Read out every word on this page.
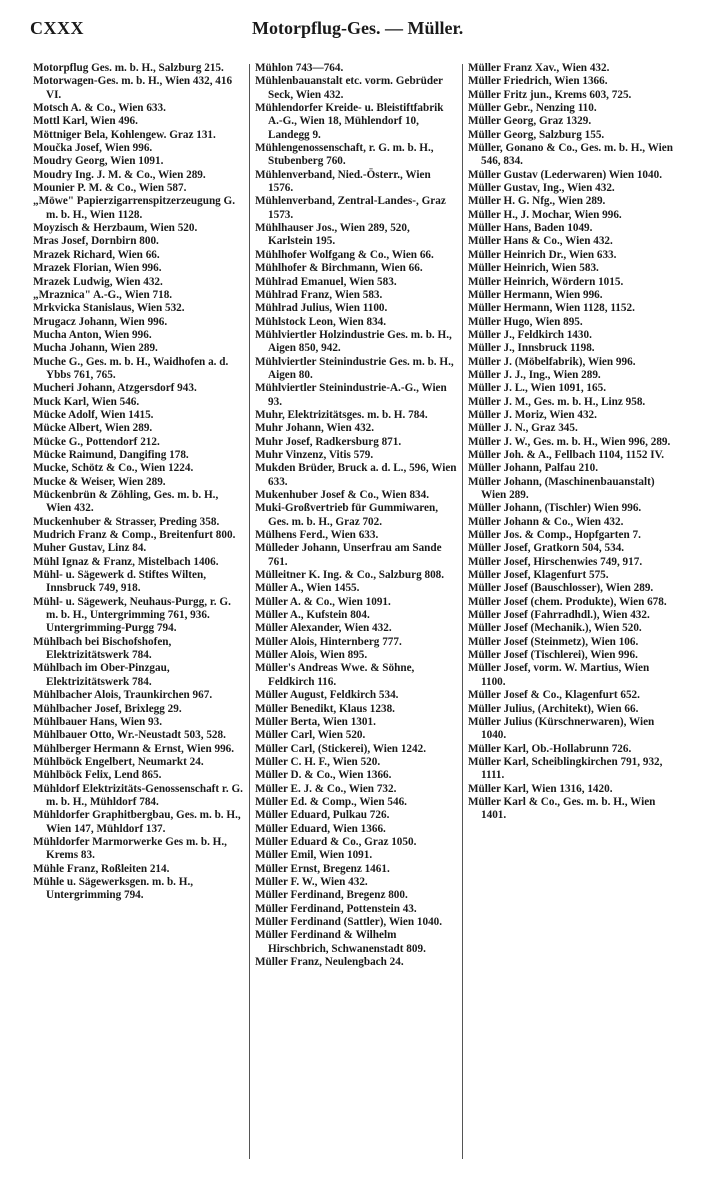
CXXX	Motorpflug-Ges. — Müller.
Motorpflug Ges. m. b. H., Salzburg 215.
Motorwagen-Ges. m. b. H., Wien 432, 416 VI.
Motsch A. & Co., Wien 633.
Mottl Karl, Wien 496.
Möttniger Bela, Kohlengew. Graz 131.
Moučka Josef, Wien 996.
Moudry Georg, Wien 1091.
Moudry Ing. J. M. & Co., Wien 289.
Mounier P. M. & Co., Wien 587.
„Möwe" Papierzigarrenspitzerzeugung G. m. b. H., Wien 1128.
Moyzisch & Herzbaum, Wien 520.
Mras Josef, Dornbirn 800.
Mrazek Richard, Wien 66.
Mrazek Florian, Wien 996.
Mrazek Ludwig, Wien 432.
„Mraznica" A.-G., Wien 718.
Mrkvicka Stanislaus, Wien 532.
Mrugacz Johann, Wien 996.
Mucha Anton, Wien 996.
Mucha Johann, Wien 289.
Muche G., Ges. m. b. H., Waidhofen a. d. Ybbs 761, 765.
Mucheri Johann, Atzgersdorf 943.
Muck Karl, Wien 546.
Mücke Adolf, Wien 1415.
Mücke Albert, Wien 289.
Mücke G., Pottendorf 212.
Mücke Raimund, Dangifing 178.
Mucke, Schötz & Co., Wien 1224.
Mucke & Weiser, Wien 289.
Mückenbrün & Zöhling, Ges. m. b. H., Wien 432.
Muckenhuber & Strasser, Preding 358.
Mudrich Franz & Comp., Breitenfurt 800.
Muher Gustav, Linz 84.
Mühl Ignaz & Franz, Mistelbach 1406.
Mühl- u. Sägewerk d. Stiftes Wilten, Innsbruck 749, 918.
Mühl- u. Sägewerk, Neuhaus-Purgg, r. G. m. b. H., Untergrimming 761, 936. Untergrimming-Purgg 794.
Mühlbach bei Bischofshofen, Elektrizitätswerk 784.
Mühlbach im Ober-Pinzgau, Elektrizitätswerk 784.
Mühlbacher Alois, Traunkirchen 967.
Mühlbacher Josef, Brixlegg 29.
Mühlbauer Hans, Wien 93.
Mühlbauer Otto, Wr.-Neustadt 503, 528.
Mühlberger Hermann & Ernst, Wien 996.
Mühlböck Engelbert, Neumarkt 24.
Mühlböck Felix, Lend 865.
Mühldorf Elektrizitäts-Genossenschaft r. G. m. b. H., Mühldorf 784.
Mühldorfer Graphitbergbau, Ges. m. b. H., Wien 147, Mühldorf 137.
Mühldorfer Marmorwerke Ges m. b. H., Krems 83.
Mühle Franz, Roßleiten 214.
Mühle u. Sägewerksgen. m. b. H., Untergrimming 794.
Mühlon 743—764.
Mühlenbauanstalt etc. vorm. Gebrüder Seck, Wien 432.
Mühlendorfer Kreide- u. Bleistiftfabrik A.-G., Wien 18, Mühlendorf 10, Landegg 9.
Mühlengenossenschaft, r. G. m. b. H., Stubenberg 760.
Mühlenverband, Nied.-Österr., Wien 1576.
Mühlenverband, Zentral-Landes-, Graz 1573.
Mühlhauser Jos., Wien 289, 520, Karlstein 195.
Mühlhofer Wolfgang & Co., Wien 66.
Mühlhofer & Birchmann, Wien 66.
Mühlrad Emanuel, Wien 583.
Mühlrad Franz, Wien 583.
Mühlrad Julius, Wien 1100.
Mühlstock Leon, Wien 834.
Mühlviertler Holzindustrie Ges. m. b. H., Aigen 850, 942.
Mühlviertler Steinindustrie Ges. m. b. H., Aigen 80.
Mühlviertler Steinindustrie-A.-G., Wien 93.
Muhr, Elektrizitätsges. m. b. H. 784.
Muhr Johann, Wien 432.
Muhr Josef, Radkersburg 871.
Muhr Vinzenz, Vitis 579.
Mukden Brüder, Bruck a. d. L., 596, Wien 633.
Mukenhuber Josef & Co., Wien 834.
Muki-Großvertrieb für Gummiwaren, Ges. m. b. H., Graz 702.
Mülhens Ferd., Wien 633.
Mülleder Johann, Unserfrau am Sande 761.
Mülleitner K. Ing. & Co., Salzburg 808.
Müller A., Wien 1455.
Müller A. & Co., Wien 1091.
Müller A., Kufstein 804.
Müller Alexander, Wien 432.
Müller Alois, Hinternberg 777.
Müller Alois, Wien 895.
Müller's Andreas Wwe. & Söhne, Feldkirch 116.
Müller August, Feldkirch 534.
Müller Benedikt, Klaus 1238.
Müller Berta, Wien 1301.
Müller Carl, Wien 520.
Müller Carl, (Stickerei), Wien 1242.
Müller C. H. F., Wien 520.
Müller D. & Co., Wien 1366.
Müller E. J. & Co., Wien 732.
Müller Ed. & Comp., Wien 546.
Müller Eduard, Pulkau 726.
Müller Eduard, Wien 1366.
Müller Eduard & Co., Graz 1050.
Müller Emil, Wien 1091.
Müller Ernst, Bregenz 1461.
Müller F. W., Wien 432.
Müller Ferdinand, Bregenz 800.
Müller Ferdinand, Pottenstein 43.
Müller Ferdinand (Sattler), Wien 1040.
Müller Ferdinand & Wilhelm Hirschbrich, Schwanenstadt 809.
Müller Franz, Neulengbach 24.
Müller Franz Xav., Wien 432.
Müller Friedrich, Wien 1366.
Müller Fritz jun., Krems 603, 725.
Müller Gebr., Nenzing 110.
Müller Georg, Graz 1329.
Müller Georg, Salzburg 155.
Müller, Gonano & Co., Ges. m. b. H., Wien 546, 834.
Müller Gustav (Lederwaren) Wien 1040.
Müller Gustav, Ing., Wien 432.
Müller H. G. Nfg., Wien 289.
Müller H., J. Mochar, Wien 996.
Müller Hans, Baden 1049.
Müller Hans & Co., Wien 432.
Müller Heinrich Dr., Wien 633.
Müller Heinrich, Wien 583.
Müller Heinrich, Wördern 1015.
Müller Hermann, Wien 996.
Müller Hermann, Wien 1128, 1152.
Müller Hugo, Wien 895.
Müller J., Feldkirch 1430.
Müller J., Innsbruck 1198.
Müller J. (Möbelfabrik), Wien 996.
Müller J. J., Ing., Wien 289.
Müller J. L., Wien 1091, 165.
Müller J. M., Ges. m. b. H., Linz 958.
Müller J. Moriz, Wien 432.
Müller J. N., Graz 345.
Müller J. W., Ges. m. b. H., Wien 996, 289.
Müller Joh. & A., Fellbach 1104, 1152 IV.
Müller Johann, Palfau 210.
Müller Johann, (Maschinenbauanstalt) Wien 289.
Müller Johann, (Tischler) Wien 996.
Müller Johann & Co., Wien 432.
Müller Jos. & Comp., Hopfgarten 7.
Müller Josef, Gratkorn 504, 534.
Müller Josef, Hirschenwies 749, 917.
Müller Josef, Klagenfurt 575.
Müller Josef (Bauschlosser), Wien 289.
Müller Josef (chem. Produkte), Wien 678.
Müller Josef (Fahrradhdl.), Wien 432.
Müller Josef (Mechanik.), Wien 520.
Müller Josef (Steinmetz), Wien 106.
Müller Josef (Tischlerei), Wien 996.
Müller Josef, vorm. W. Martius, Wien 1100.
Müller Josef & Co., Klagenfurt 652.
Müller Julius, (Architekt), Wien 66.
Müller Julius (Kürschnerwaren), Wien 1040.
Müller Karl, Ob.-Hollabrunn 726.
Müller Karl, Scheiblingkirchen 791, 932, 1111.
Müller Karl, Wien 1316, 1420.
Müller Karl & Co., Ges. m. b. H., Wien 1401.
